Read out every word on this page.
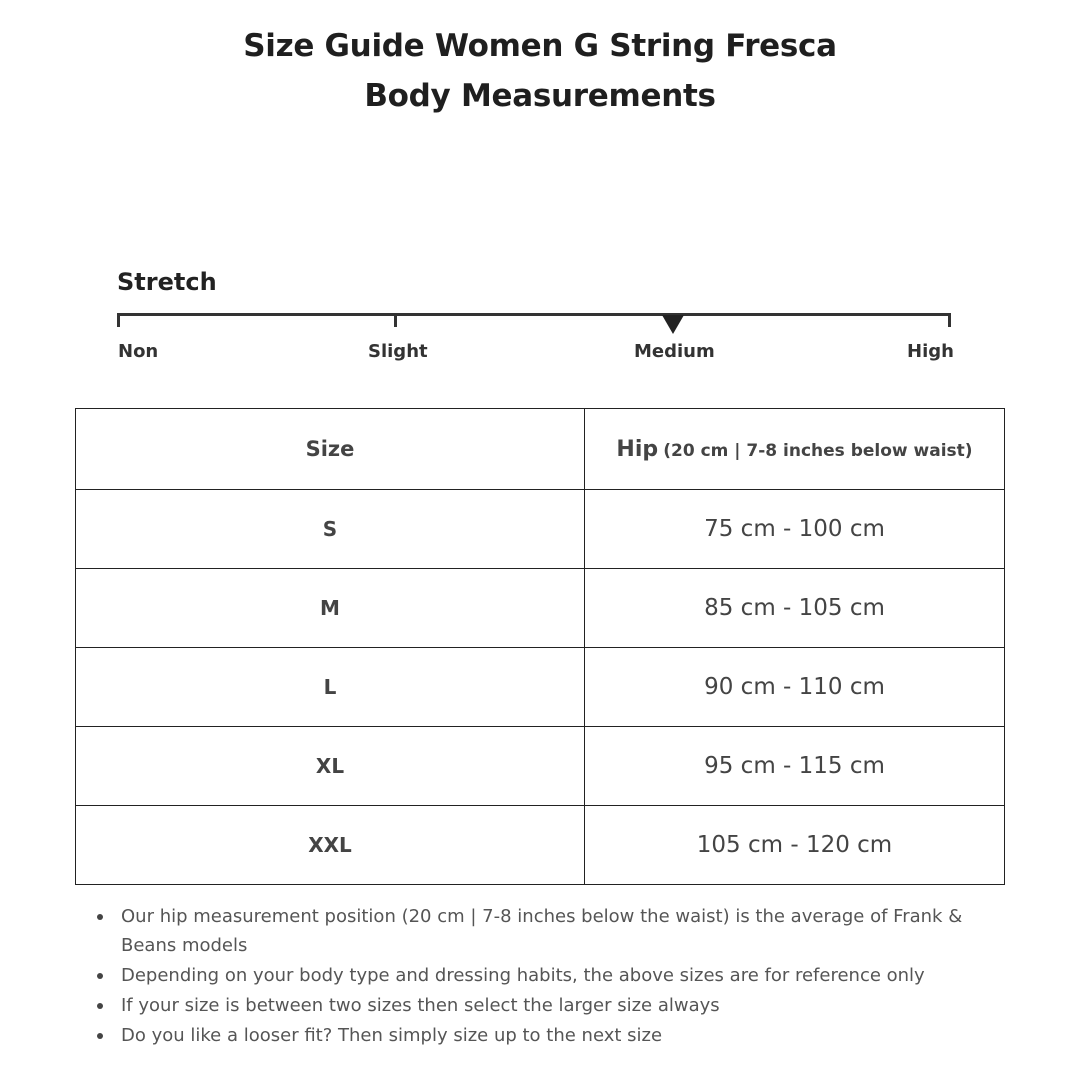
Size Guide Women G String Fresca
Body Measurements
Stretch
Non	Slight	Medium	High
Size	Hip (20 cm | 7-8 inches below waist)
S	75 cm - 100 cm
M	85 cm - 105 cm
L	90 cm - 110 cm
XL	95 cm - 115 cm
XXL	105 cm - 120 cm
Our hip measurement position (20 cm | 7-8 inches below the waist) is the average of Frank & Beans models
Depending on your body type and dressing habits, the above sizes are for reference only
If your size is between two sizes then select the larger size always
Do you like a looser fit? Then simply size up to the next size
